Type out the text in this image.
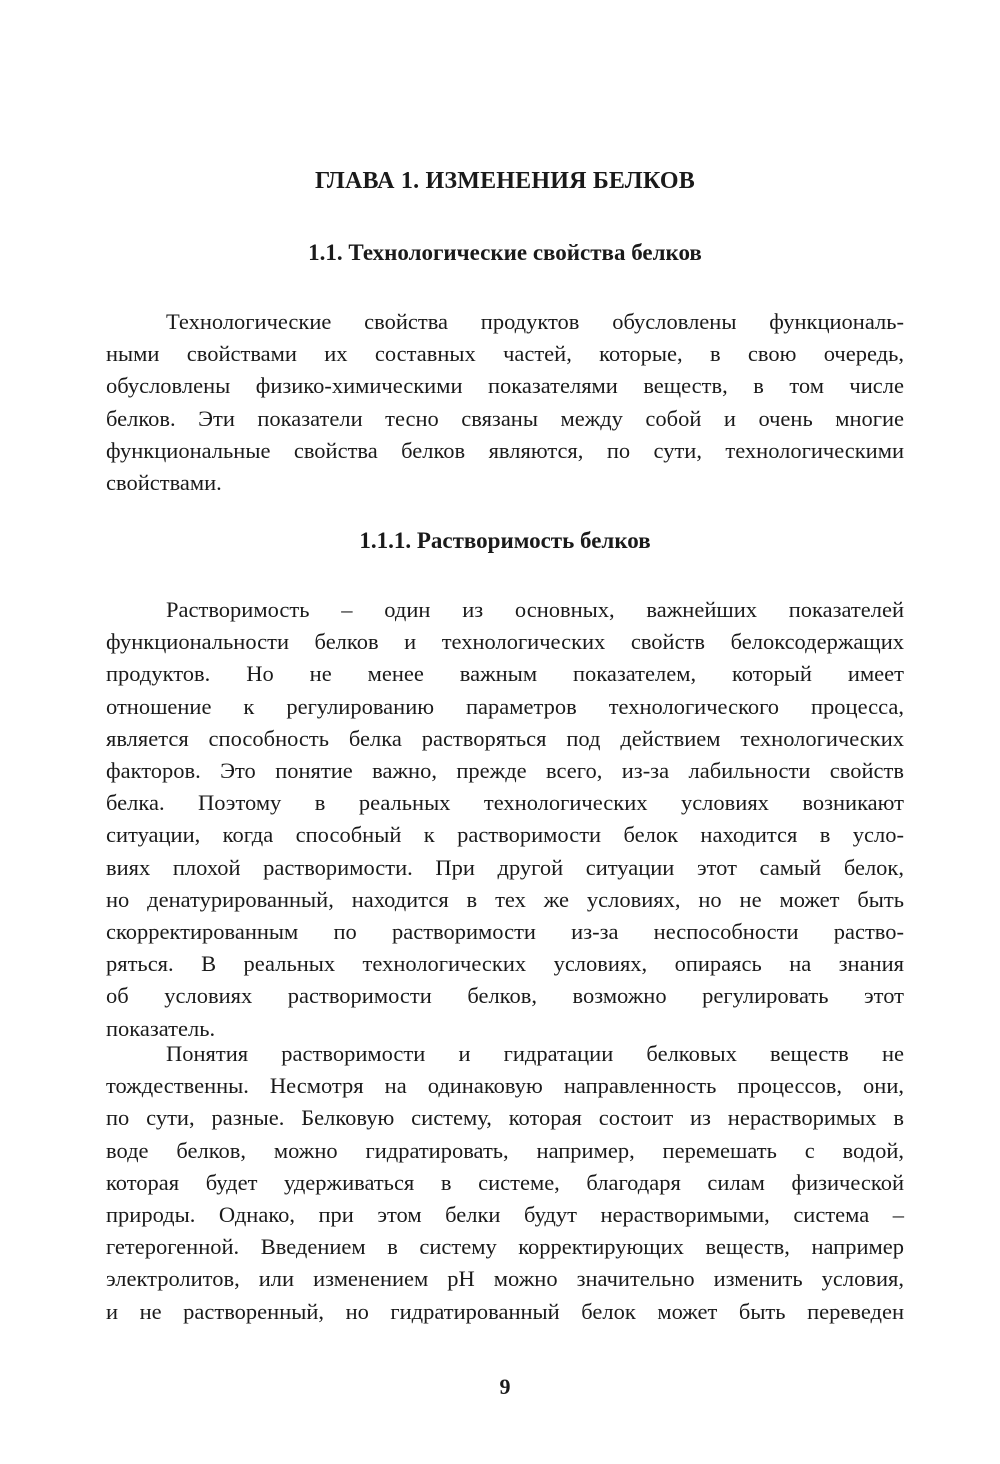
ГЛАВА 1. ИЗМЕНЕНИЯ БЕЛКОВ
1.1. Технологические свойства белков

Технологические свойства продуктов обусловлены функциональ-
ными свойствами их составных частей, которые, в свою очередь,
обусловлены физико-химическими показателями веществ, в том числе
белков. Эти показатели тесно связаны между собой и очень многие
функциональные свойства белков являются, по сути, технологическими
свойствами.

1.1.1. Растворимость белков

Растворимость – один из основных, важнейших показателей
функциональности белков и технологических свойств белоксодержащих
продуктов. Но не менее важным показателем, который имеет
отношение к регулированию параметров технологического процесса,
является способность белка растворяться под действием технологических
факторов. Это понятие важно, прежде всего, из-за лабильности свойств
белка. Поэтому в реальных технологических условиях возникают
ситуации, когда способный к растворимости белок находится в усло-
виях плохой растворимости. При другой ситуации этот самый белок,
но денатурированный, находится в тех же условиях, но не может быть
скорректированным по растворимости из-за неспособности раство-
ряться. В реальных технологических условиях, опираясь на знания
об условиях растворимости белков, возможно регулировать этот
показатель.

Понятия растворимости и гидратации белковых веществ не
тождественны. Несмотря на одинаковую направленность процессов, они,
по сути, разные. Белковую систему, которая состоит из нерастворимых в
воде белков, можно гидратировать, например, перемешать с водой,
которая будет удерживаться в системе, благодаря силам физической
природы. Однако, при этом белки будут нерастворимыми, система –
гетерогенной. Введением в систему корректирующих веществ, например
электролитов, или изменением pH можно значительно изменить условия,
и не растворенный, но гидратированный белок может быть переведен

9
